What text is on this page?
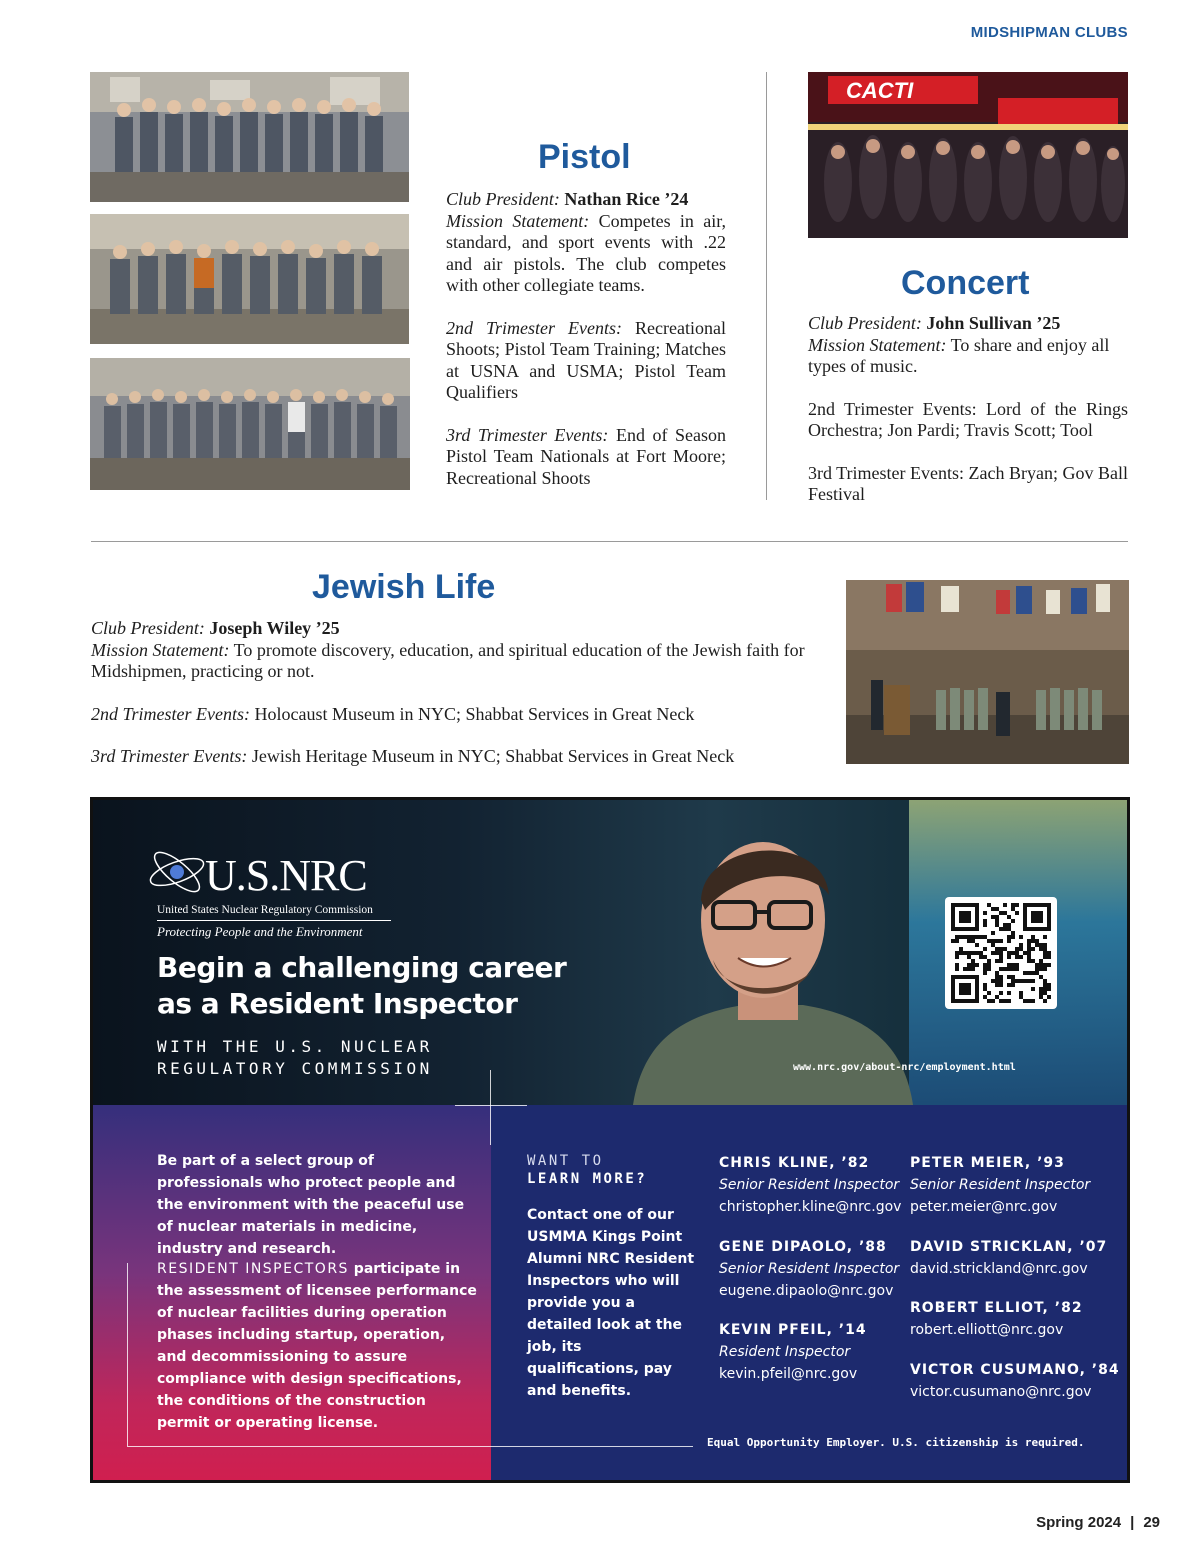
MIDSHIPMAN CLUBS
Pistol

Club President: Nathan Rice ’24
Mission Statement: Competes in air, standard, and sport events with .22 and air pistols. The club competes with other collegiate teams.

2nd Trimester Events: Recreational Shoots; Pistol Team Training; Matches at USNA and USMA; Pistol Team Qualifiers

3rd Trimester Events: End of Season Pistol Team Nationals at Fort Moore; Recreational Shoots

CACTI
Concert

Club President: John Sullivan ’25
Mission Statement: To share and enjoy all types of music.

2nd Trimester Events: Lord of the Rings Orchestra; Jon Pardi; Travis Scott; Tool

3rd Trimester Events: Zach Bryan; Gov Ball Festival

Jewish Life

Club President: Joseph Wiley ’25
Mission Statement: To promote discovery, education, and spiritual education of the Jewish faith for Midshipmen, practicing or not.

2nd Trimester Events: Holocaust Museum in NYC; Shabbat Services in Great Neck

3rd Trimester Events: Jewish Heritage Museum in NYC; Shabbat Services in Great Neck

U.S.NRC
United States Nuclear Regulatory Commission
Protecting People and the Environment
Begin a challenging career
as a Resident Inspector
WITH THE U.S. NUCLEAR
REGULATORY COMMISSION	www.nrc.gov/about-nrc/employment.html
Be part of a select group of professionals who protect people and the environment with the peaceful use of nuclear materials in medicine, industry and research.
RESIDENT INSPECTORS participate in the assessment of licensee performance of nuclear facilities during operation phases including startup, operation, and decommissioning to assure compliance with design specifications, the conditions of the construction permit or operating license.
WANT TO
LEARN MORE?
Contact one of our USMMA Kings Point Alumni NRC Resident Inspectors who will provide you a detailed look at the job, its qualifications, pay and benefits.
CHRIS KLINE, ’82
Senior Resident Inspector
christopher.kline@nrc.gov
GENE DIPAOLO, ’88
Senior Resident Inspector
eugene.dipaolo@nrc.gov
KEVIN PFEIL, ’14
Resident Inspector
kevin.pfeil@nrc.gov
PETER MEIER, ’93
Senior Resident Inspector
peter.meier@nrc.gov
DAVID STRICKLAN, ’07
david.strickland@nrc.gov
ROBERT ELLIOT, ’82
robert.elliott@nrc.gov
VICTOR CUSUMANO, ’84
victor.cusumano@nrc.gov
Equal Opportunity Employer. U.S. citizenship is required.
Spring 2024 | 29
